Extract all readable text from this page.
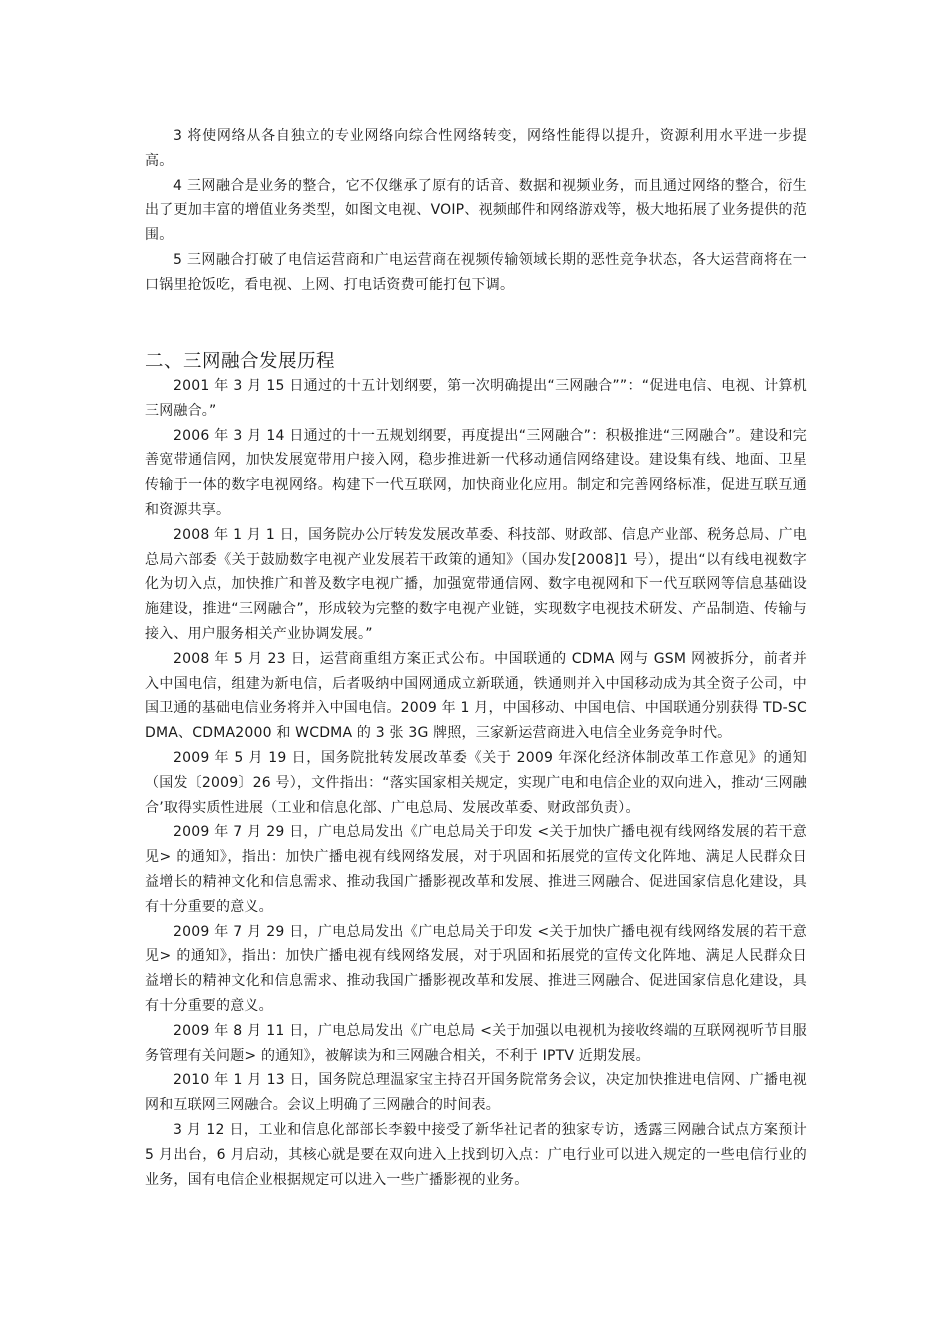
3 将使网络从各自独立的专业网络向综合性网络转变，网络性能得以提升，资源利用水平进一步提高。

4 三网融合是业务的整合，它不仅继承了原有的话音、数据和视频业务，而且通过网络的整合，衍生出了更加丰富的增值业务类型，如图文电视、VOIP、视频邮件和网络游戏等，极大地拓展了业务提供的范围。

5 三网融合打破了电信运营商和广电运营商在视频传输领域长期的恶性竞争状态，各大运营商将在一口锅里抢饭吃，看电视、上网、打电话资费可能打包下调。

二、三网融合发展历程

2001 年 3 月 15 日通过的十五计划纲要，第一次明确提出“三网融合””：“促进电信、电视、计算机三网融合。”

2006 年 3 月 14 日通过的十一五规划纲要，再度提出“三网融合”：积极推进“三网融合”。建设和完善宽带通信网，加快发展宽带用户接入网，稳步推进新一代移动通信网络建设。建设集有线、地面、卫星传输于一体的数字电视网络。构建下一代互联网，加快商业化应用。制定和完善网络标准，促进互联互通和资源共享。

2008 年 1 月 1 日，国务院办公厅转发发展改革委、科技部、财政部、信息产业部、税务总局、广电总局六部委《关于鼓励数字电视产业发展若干政策的通知》（国办发[2008]1 号），提出“以有线电视数字化为切入点，加快推广和普及数字电视广播，加强宽带通信网、数字电视网和下一代互联网等信息基础设施建设，推进“三网融合”，形成较为完整的数字电视产业链，实现数字电视技术研发、产品制造、传输与接入、用户服务相关产业协调发展。”

2008 年 5 月 23 日，运营商重组方案正式公布。中国联通的 CDMA 网与 GSM 网被拆分，前者并入中国电信，组建为新电信，后者吸纳中国网通成立新联通，铁通则并入中国移动成为其全资子公司，中国卫通的基础电信业务将并入中国电信。2009 年 1 月，中国移动、中国电信、中国联通分别获得 TD-SCDMA、CDMA2000 和 WCDMA 的 3 张 3G 牌照，三家新运营商进入电信全业务竞争时代。

2009 年 5 月 19 日，国务院批转发展改革委《关于 2009 年深化经济体制改革工作意见》的通知（国发〔2009〕26 号），文件指出：“落实国家相关规定，实现广电和电信企业的双向进入，推动‘三网融合’取得实质性进展（工业和信息化部、广电总局、发展改革委、财政部负责）。

2009 年 7 月 29 日，广电总局发出《广电总局关于印发 <关于加快广播电视有线网络发展的若干意见> 的通知》，指出：加快广播电视有线网络发展，对于巩固和拓展党的宣传文化阵地、满足人民群众日益增长的精神文化和信息需求、推动我国广播影视改革和发展、推进三网融合、促进国家信息化建设，具有十分重要的意义。

2009 年 7 月 29 日，广电总局发出《广电总局关于印发 <关于加快广播电视有线网络发展的若干意见> 的通知》，指出：加快广播电视有线网络发展，对于巩固和拓展党的宣传文化阵地、满足人民群众日益增长的精神文化和信息需求、推动我国广播影视改革和发展、推进三网融合、促进国家信息化建设，具有十分重要的意义。

2009 年 8 月 11 日，广电总局发出《广电总局 <关于加强以电视机为接收终端的互联网视听节目服务管理有关问题> 的通知》，被解读为和三网融合相关，不利于 IPTV 近期发展。

2010 年 1 月 13 日，国务院总理温家宝主持召开国务院常务会议，决定加快推进电信网、广播电视网和互联网三网融合。会议上明确了三网融合的时间表。

3 月 12 日，工业和信息化部部长李毅中接受了新华社记者的独家专访，透露三网融合试点方案预计 5 月出台，6 月启动，其核心就是要在双向进入上找到切入点：广电行业可以进入规定的一些电信行业的业务，国有电信企业根据规定可以进入一些广播影视的业务。
